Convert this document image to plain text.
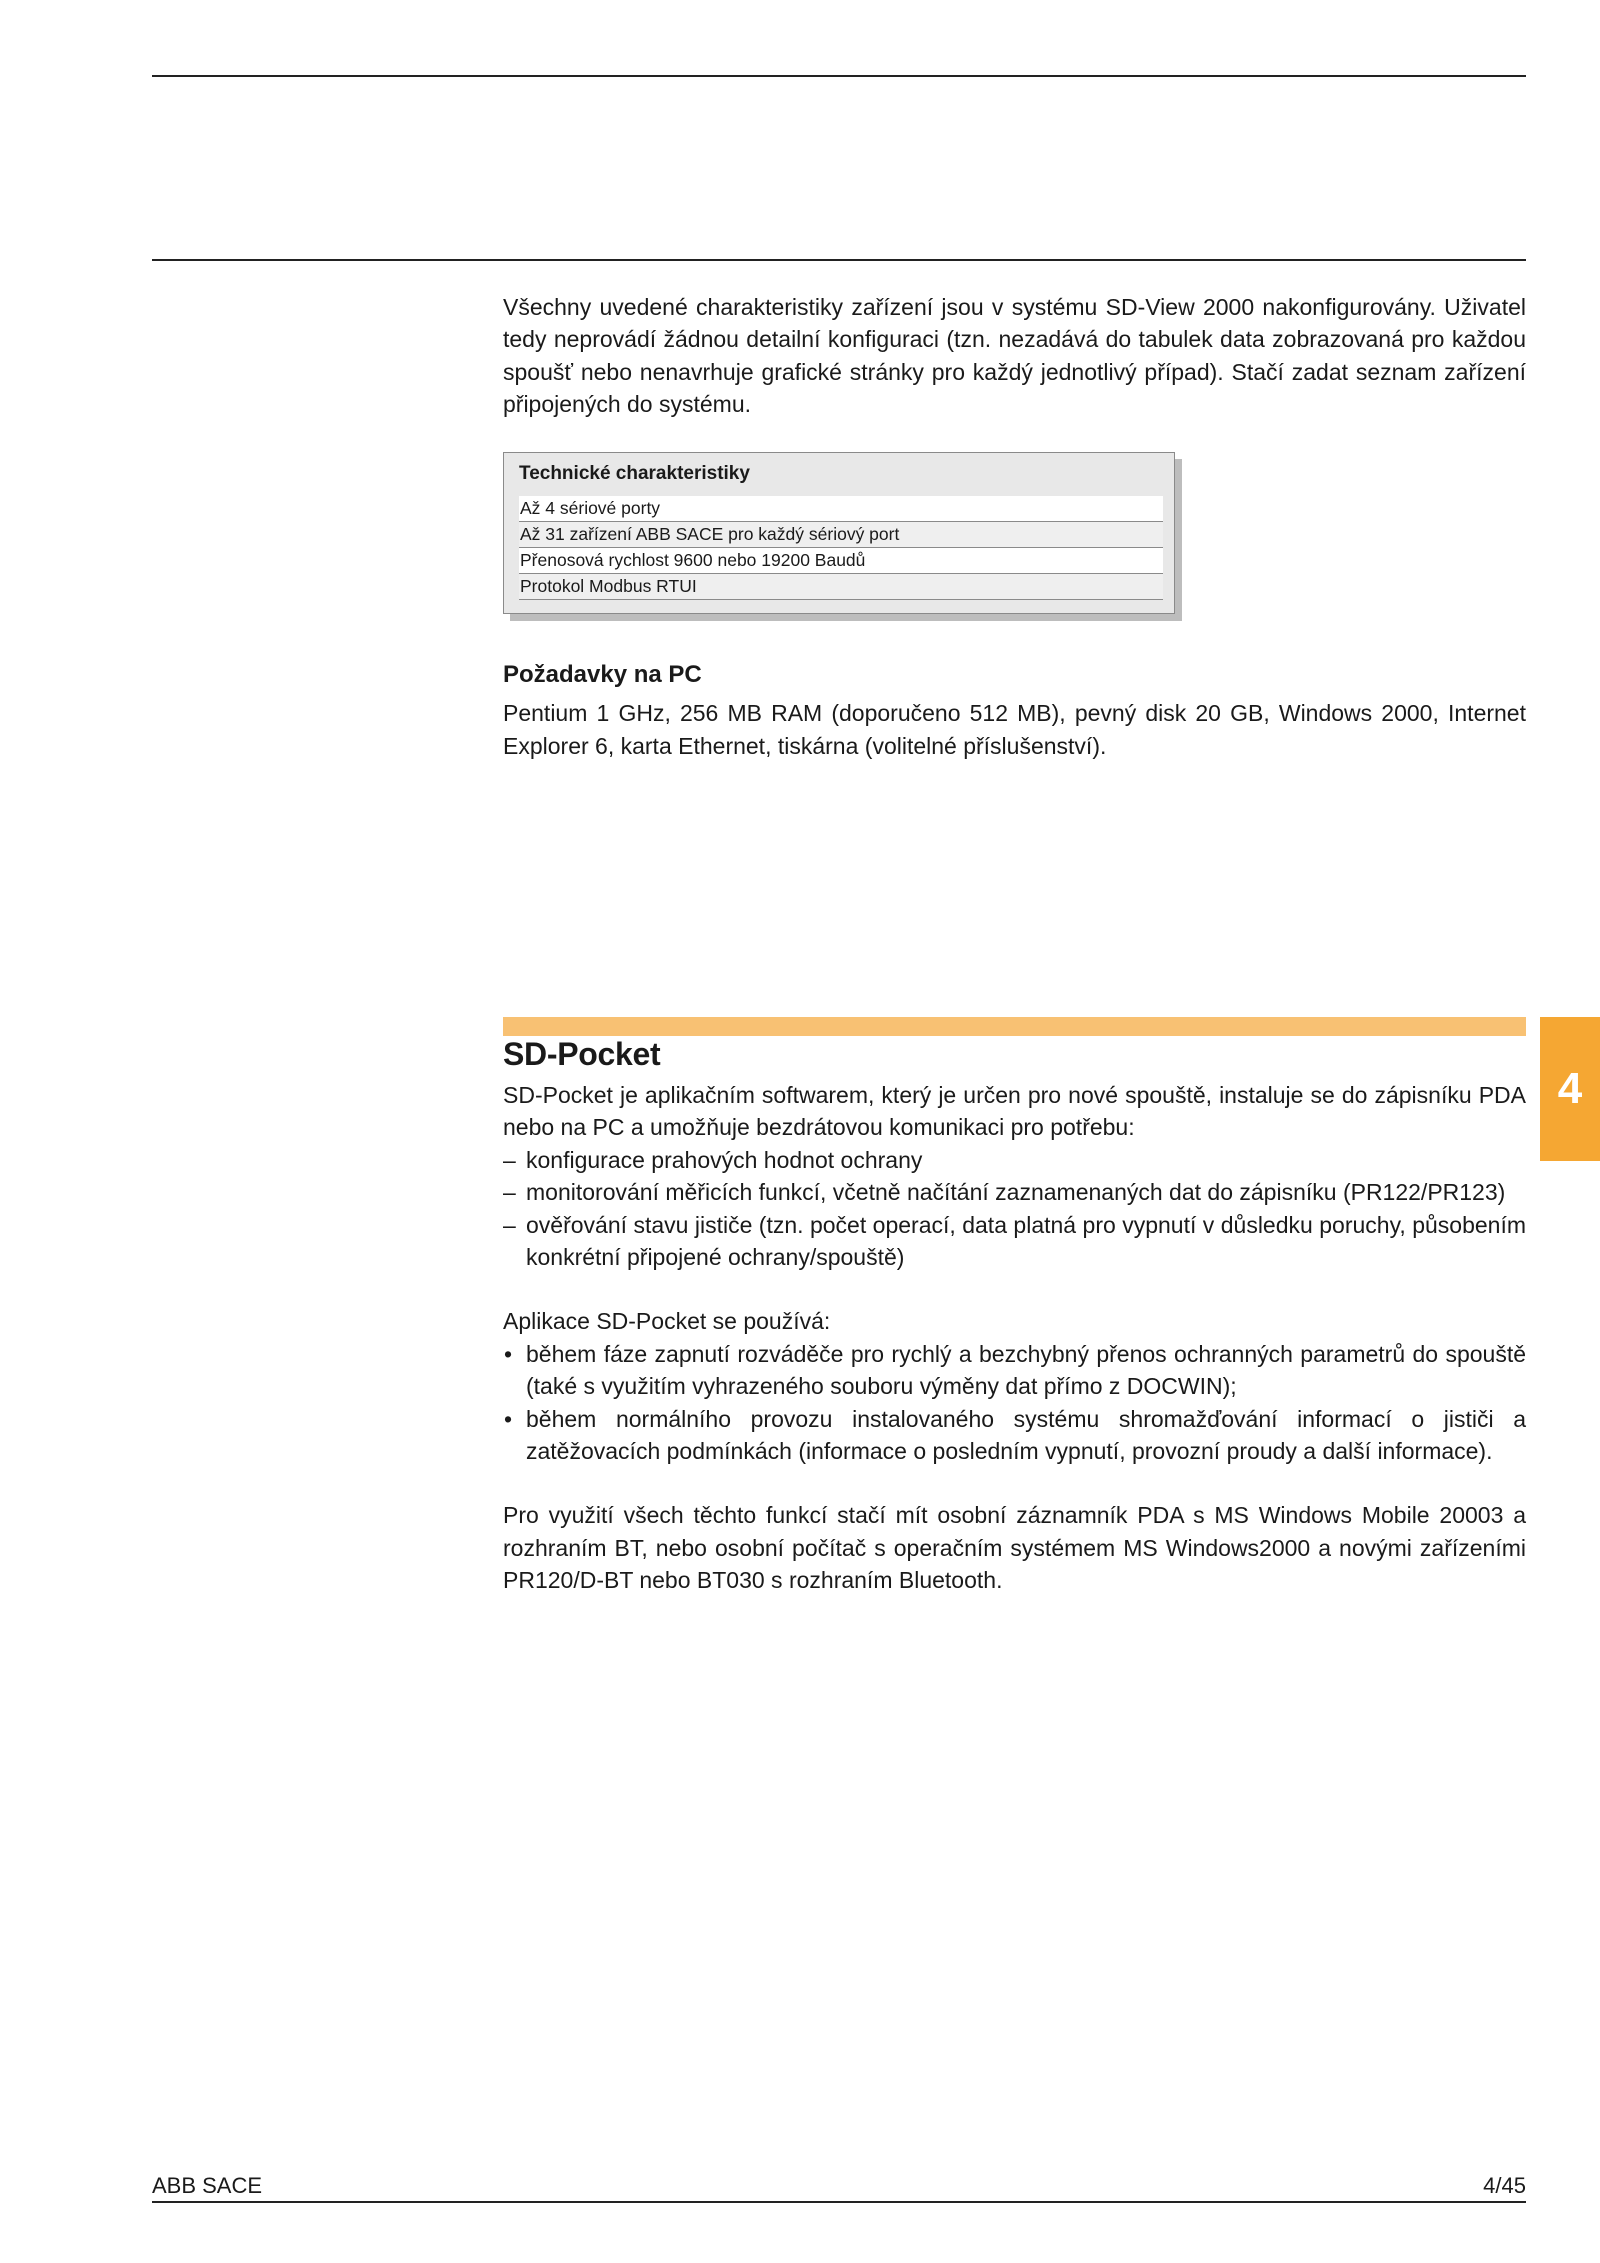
Všechny uvedené charakteristiky zařízení jsou v systému SD-View 2000 nakonfigurovány. Uživatel tedy neprovádí žádnou detailní konfiguraci (tzn. nezadává do tabulek data zobrazovaná pro každou spoušť nebo nenavrhuje grafické stránky pro každý jednotlivý případ). Stačí zadat seznam zařízení připojených do systému.

Technické charakteristiky
Až 4 sériové porty
Až 31 zařízení ABB SACE pro každý sériový port
Přenosová rychlost 9600 nebo 19200 Baudů
Protokol Modbus RTUI
Požadavky na PC

Pentium 1 GHz, 256 MB RAM (doporučeno 512 MB), pevný disk 20 GB, Windows 2000, Internet Explorer 6, karta Ethernet, tiskárna (volitelné příslušenství).

SD-Pocket
4

SD-Pocket je aplikačním softwarem, který je určen pro nové spouště, instaluje se do zápisníku PDA nebo na PC a umožňuje bezdrátovou komunikaci pro potřebu:

– konfigurace prahových hodnot ochrany
– monitorování měřicích funkcí, včetně načítání zaznamenaných dat do zápisníku (PR122/PR123)
– ověřování stavu jističe (tzn. počet operací, data platná pro vypnutí v důsledku poruchy, působením konkrétní připojené ochrany/spouště)

Aplikace SD-Pocket se používá:

• během fáze zapnutí rozváděče pro rychlý a bezchybný přenos ochranných parametrů do spouště (také s využitím vyhrazeného souboru výměny dat přímo z DOCWIN);
• během normálního provozu instalovaného systému shromažďování informací o jističi a zatěžovacích podmínkách (informace o posledním vypnutí, provozní proudy a další informace).

Pro využití všech těchto funkcí stačí mít osobní záznamník PDA s MS Windows Mobile 20003 a rozhraním BT, nebo osobní počítač s operačním systémem MS Windows2000 a novými zařízeními PR120/D-BT nebo BT030 s rozhraním Bluetooth.

ABB SACE	4/45
